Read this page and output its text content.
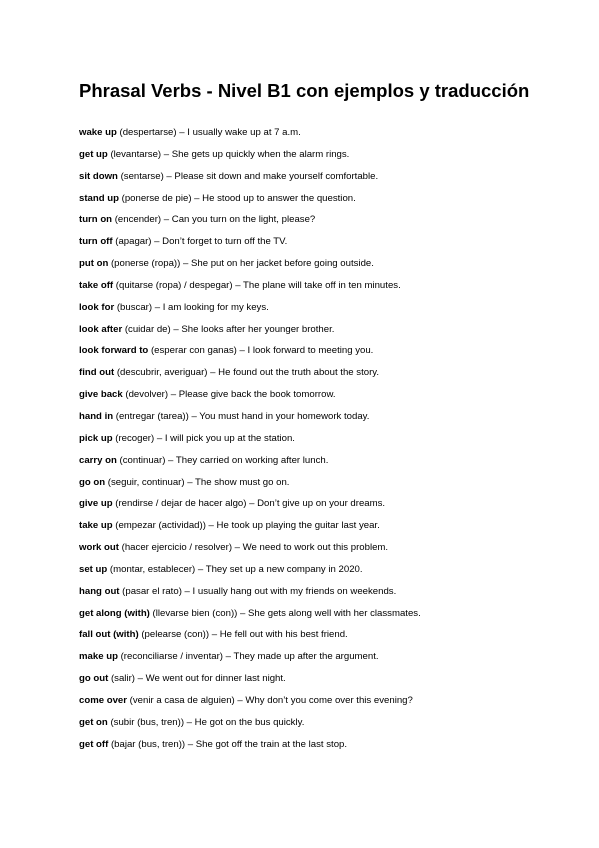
Phrasal Verbs - Nivel B1 con ejemplos y traducción
wake up (despertarse) – I usually wake up at 7 a.m.
get up (levantarse) – She gets up quickly when the alarm rings.
sit down (sentarse) – Please sit down and make yourself comfortable.
stand up (ponerse de pie) – He stood up to answer the question.
turn on (encender) – Can you turn on the light, please?
turn off (apagar) – Don’t forget to turn off the TV.
put on (ponerse (ropa)) – She put on her jacket before going outside.
take off (quitarse (ropa) / despegar) – The plane will take off in ten minutes.
look for (buscar) – I am looking for my keys.
look after (cuidar de) – She looks after her younger brother.
look forward to (esperar con ganas) – I look forward to meeting you.
find out (descubrir, averiguar) – He found out the truth about the story.
give back (devolver) – Please give back the book tomorrow.
hand in (entregar (tarea)) – You must hand in your homework today.
pick up (recoger) – I will pick you up at the station.
carry on (continuar) – They carried on working after lunch.
go on (seguir, continuar) – The show must go on.
give up (rendirse / dejar de hacer algo) – Don’t give up on your dreams.
take up (empezar (actividad)) – He took up playing the guitar last year.
work out (hacer ejercicio / resolver) – We need to work out this problem.
set up (montar, establecer) – They set up a new company in 2020.
hang out (pasar el rato) – I usually hang out with my friends on weekends.
get along (with) (llevarse bien (con)) – She gets along well with her classmates.
fall out (with) (pelearse (con)) – He fell out with his best friend.
make up (reconciliarse / inventar) – They made up after the argument.
go out (salir) – We went out for dinner last night.
come over (venir a casa de alguien) – Why don’t you come over this evening?
get on (subir (bus, tren)) – He got on the bus quickly.
get off (bajar (bus, tren)) – She got off the train at the last stop.
